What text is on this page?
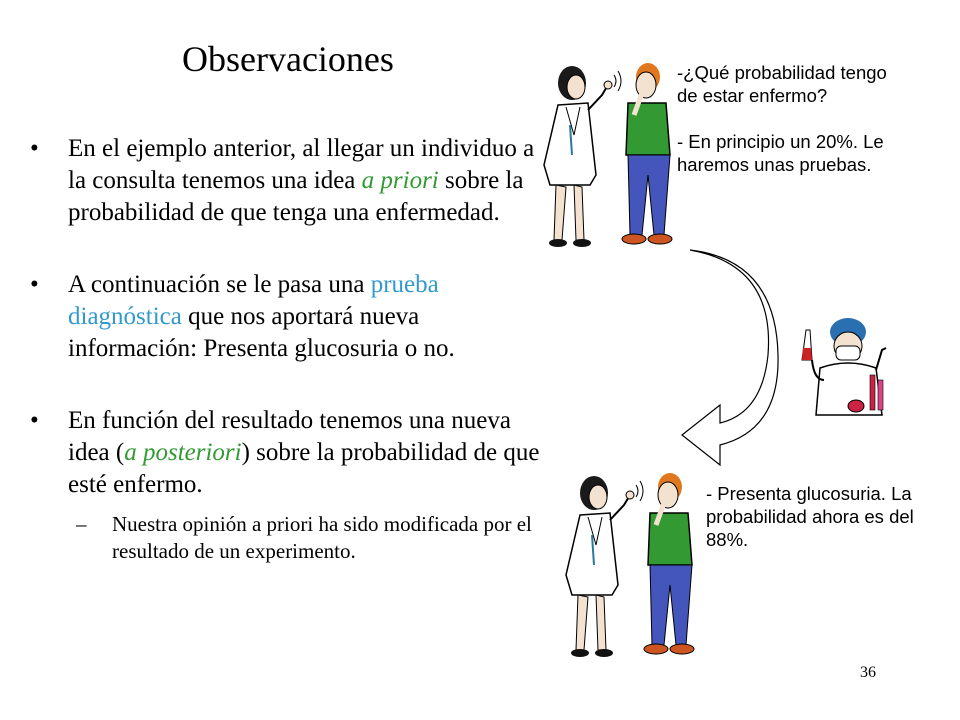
Observaciones
• En el ejemplo anterior, al llegar un individuo a la consulta tenemos una idea a priori sobre la probabilidad de que tenga una enfermedad.
• A continuación se le pasa una prueba diagnóstica que nos aportará nueva información: Presenta glucosuria o no.
• En función del resultado tenemos una nueva idea (a posteriori) sobre la probabilidad de que esté enfermo.
– Nuestra opinión a priori ha sido modificada por el resultado de un experimento.

-¿Qué probabilidad tengo de estar enfermo?

- En principio un 20%. Le haremos unas pruebas.

- Presenta glucosuria. La probabilidad ahora es del 88%.

36
